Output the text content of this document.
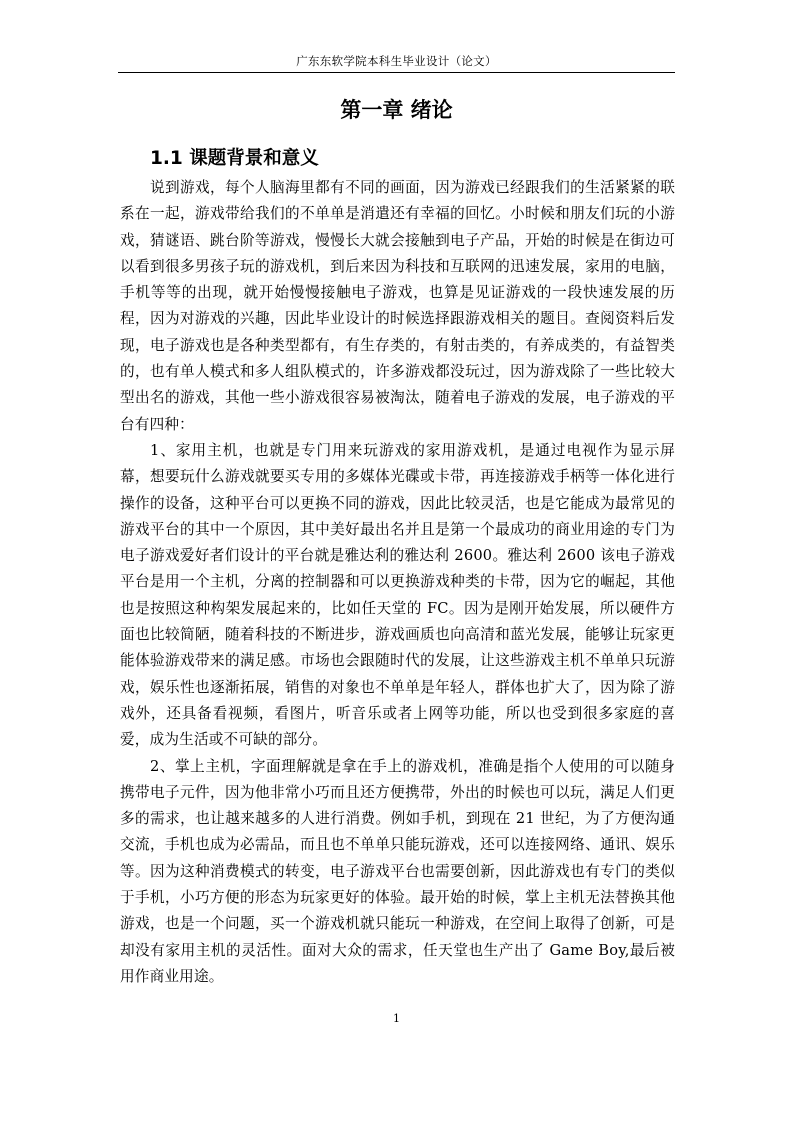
广东东软学院本科生毕业设计（论文）
第一章 绪论
1.1 课题背景和意义

说到游戏，每个人脑海里都有不同的画面，因为游戏已经跟我们的生活紧紧的联系在一起，游戏带给我们的不单单是消遣还有幸福的回忆。小时候和朋友们玩的小游戏，猜谜语、跳台阶等游戏，慢慢长大就会接触到电子产品，开始的时候是在街边可以看到很多男孩子玩的游戏机，到后来因为科技和互联网的迅速发展，家用的电脑，手机等等的出现，就开始慢慢接触电子游戏，也算是见证游戏的一段快速发展的历程，因为对游戏的兴趣，因此毕业设计的时候选择跟游戏相关的题目。查阅资料后发现，电子游戏也是各种类型都有，有生存类的，有射击类的，有养成类的，有益智类的，也有单人模式和多人组队模式的，许多游戏都没玩过，因为游戏除了一些比较大型出名的游戏，其他一些小游戏很容易被淘汰，随着电子游戏的发展，电子游戏的平台有四种：

1、家用主机，也就是专门用来玩游戏的家用游戏机，是通过电视作为显示屏幕，想要玩什么游戏就要买专用的多媒体光碟或卡带，再连接游戏手柄等一体化进行操作的设备，这种平台可以更换不同的游戏，因此比较灵活，也是它能成为最常见的游戏平台的其中一个原因，其中美好最出名并且是第一个最成功的商业用途的专门为电子游戏爱好者们设计的平台就是雅达利的雅达利 2600。雅达利 2600 该电子游戏平台是用一个主机，分离的控制器和可以更换游戏种类的卡带，因为它的崛起，其他也是按照这种构架发展起来的，比如任天堂的 FC。因为是刚开始发展，所以硬件方面也比较简陋，随着科技的不断进步，游戏画质也向高清和蓝光发展，能够让玩家更能体验游戏带来的满足感。市场也会跟随时代的发展，让这些游戏主机不单单只玩游戏，娱乐性也逐渐拓展，销售的对象也不单单是年轻人，群体也扩大了，因为除了游戏外，还具备看视频，看图片，听音乐或者上网等功能，所以也受到很多家庭的喜爱，成为生活或不可缺的部分。

2、掌上主机，字面理解就是拿在手上的游戏机，准确是指个人使用的可以随身携带电子元件，因为他非常小巧而且还方便携带，外出的时候也可以玩，满足人们更多的需求，也让越来越多的人进行消费。例如手机，到现在 21 世纪，为了方便沟通交流，手机也成为必需品，而且也不单单只能玩游戏，还可以连接网络、通讯、娱乐等。因为这种消费模式的转变，电子游戏平台也需要创新，因此游戏也有专门的类似于手机，小巧方便的形态为玩家更好的体验。最开始的时候，掌上主机无法替换其他游戏，也是一个问题，买一个游戏机就只能玩一种游戏，在空间上取得了创新，可是却没有家用主机的灵活性。面对大众的需求，任天堂也生产出了 Game Boy,最后被用作商业用途。

1
